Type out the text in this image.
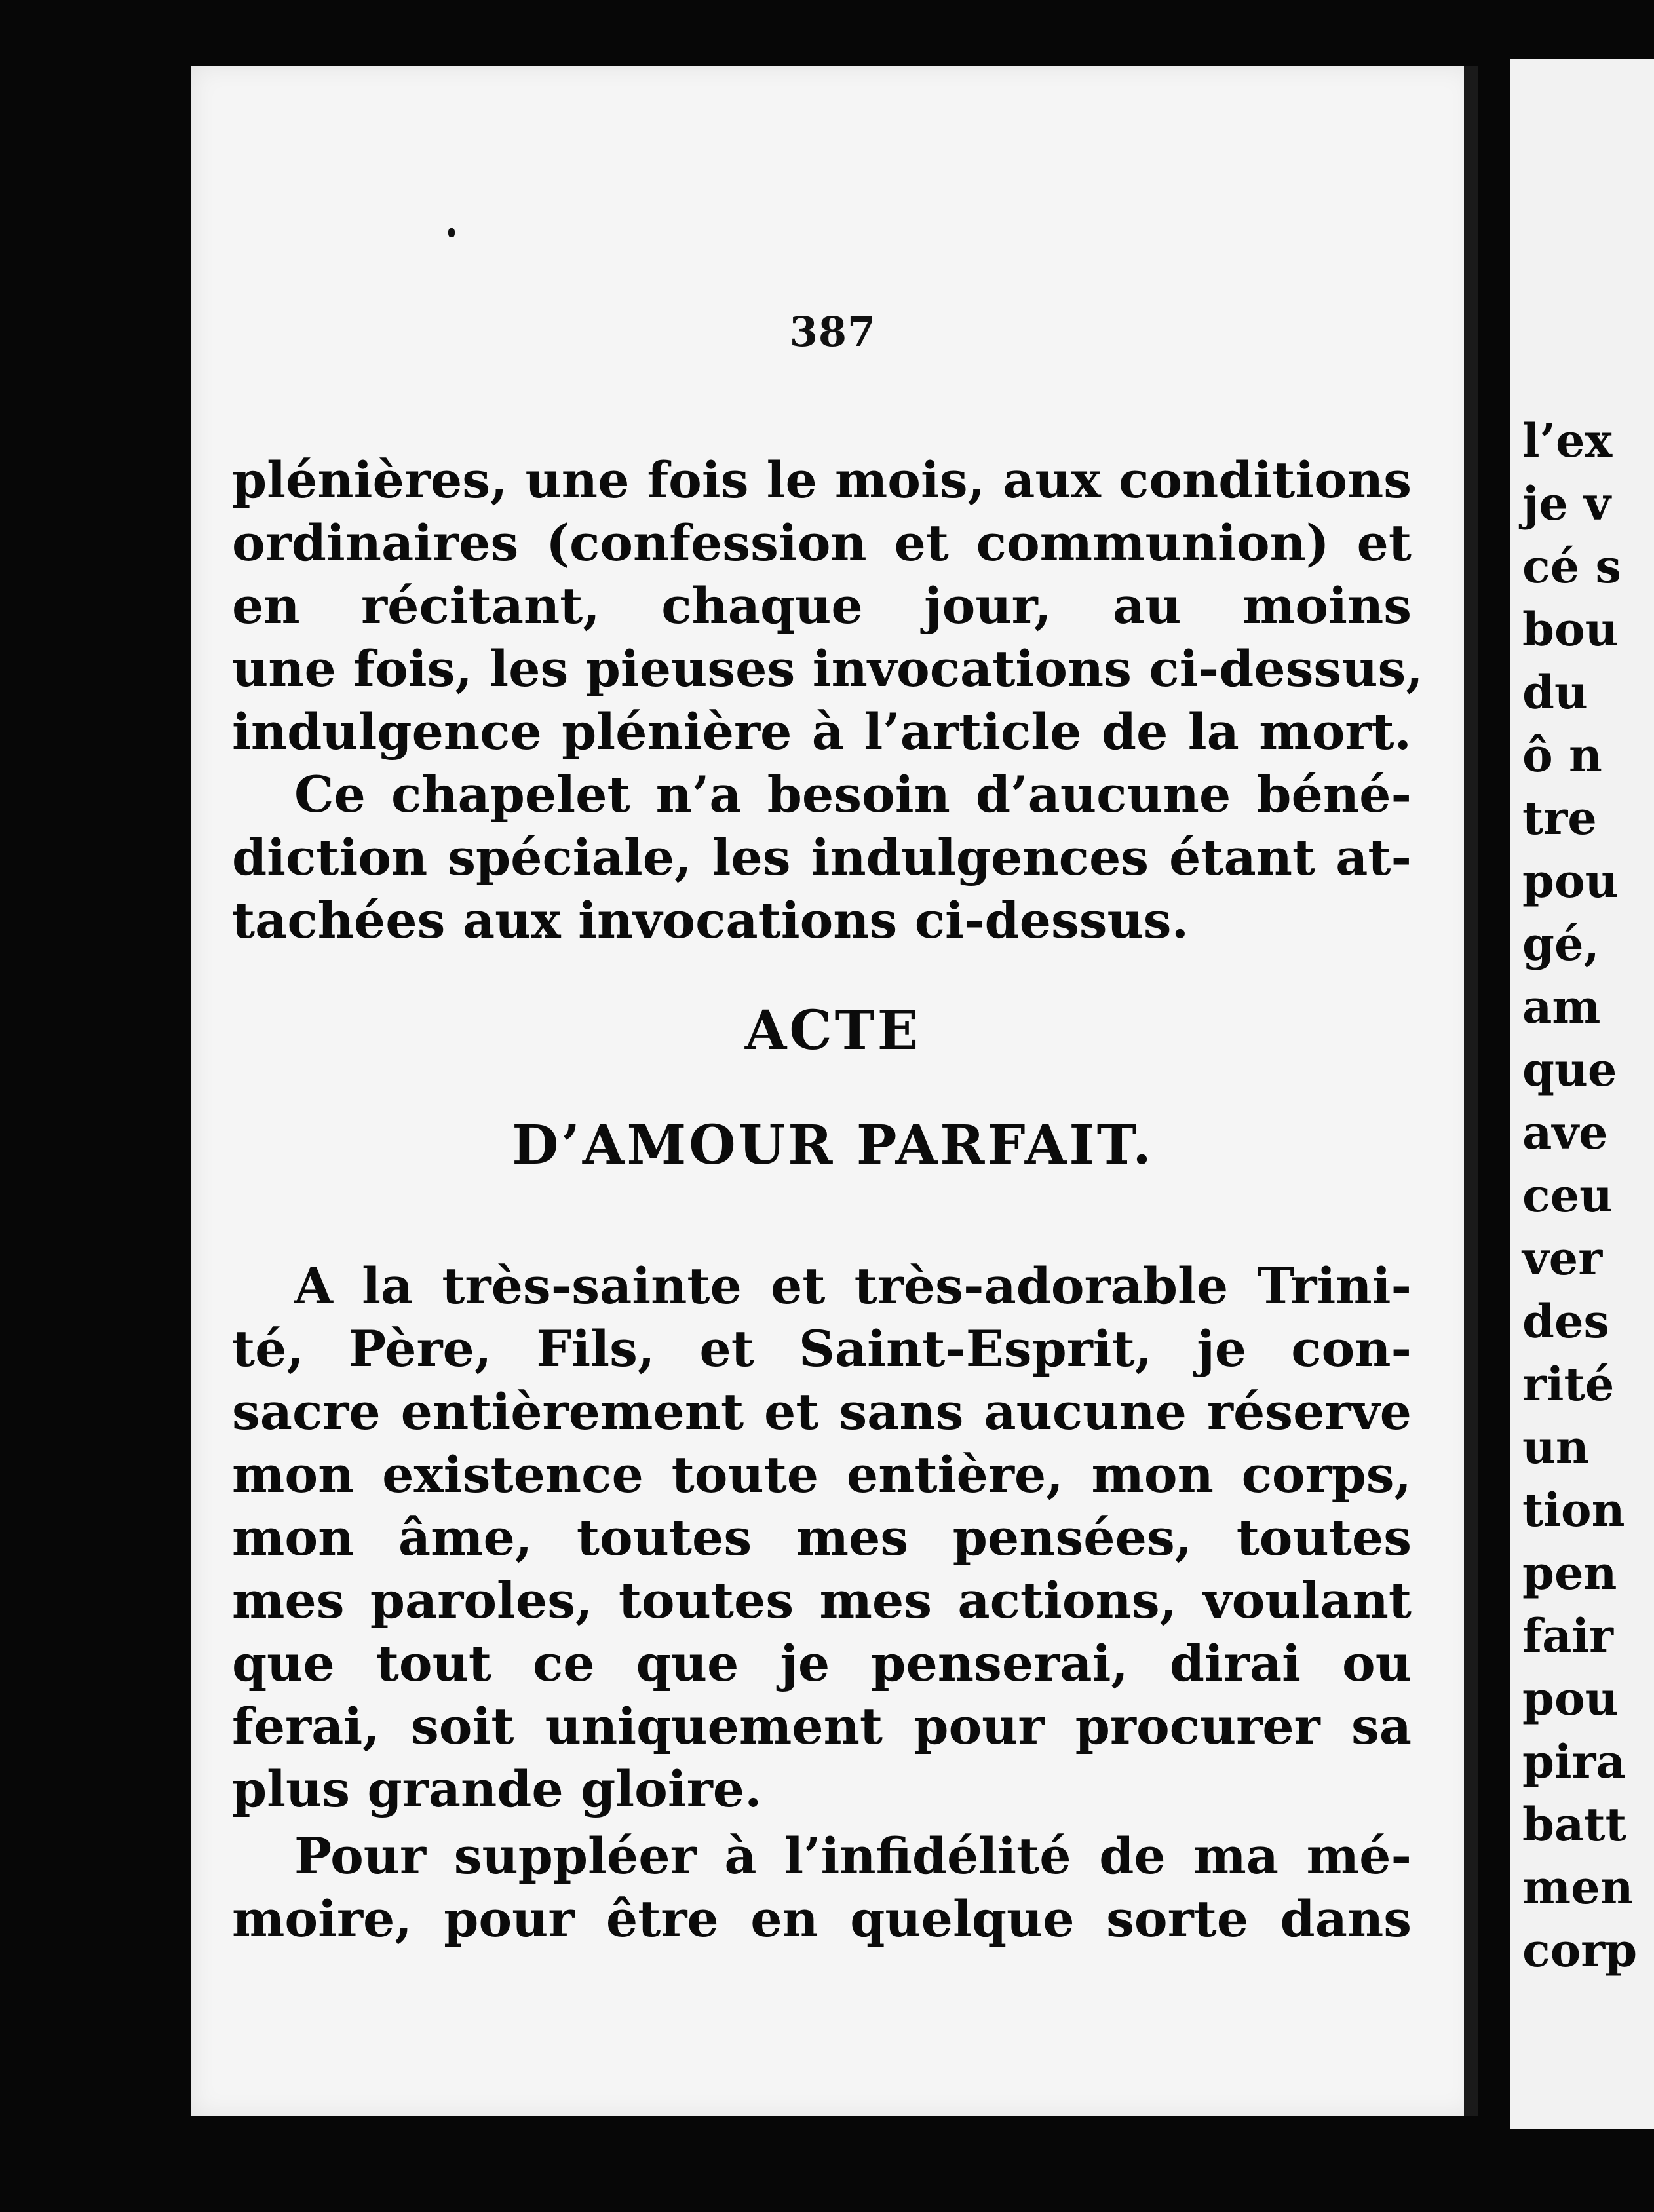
387
plénières, une fois le mois, aux conditions
ordinaires (confession et communion) et
en récitant, chaque jour, au moins
une fois, les pieuses invocations ci-dessus,
indulgence plénière à l’article de la mort.
Ce chapelet n’a besoin d’aucune béné-
diction spéciale, les indulgences étant at-
tachées aux invocations ci-dessus.
ACTE
D’AMOUR PARFAIT.
A la très-sainte et très-adorable Trini-
té, Père, Fils, et Saint-Esprit, je con-
sacre entièrement et sans aucune réserve
mon existence toute entière, mon corps,
mon âme, toutes mes pensées, toutes
mes paroles, toutes mes actions, voulant
que tout ce que je penserai, dirai ou
ferai, soit uniquement pour procurer sa
plus grande gloire.
Pour suppléer à l’infidélité de ma mé-
moire, pour être en quelque sorte dans
l’ex
je v
cé s
bou
du
ô n
tre
pou
gé,
am
que
ave
ceu
ver
des
rité
un
tion
pen
fair
pou
pira
batt
men
corp
